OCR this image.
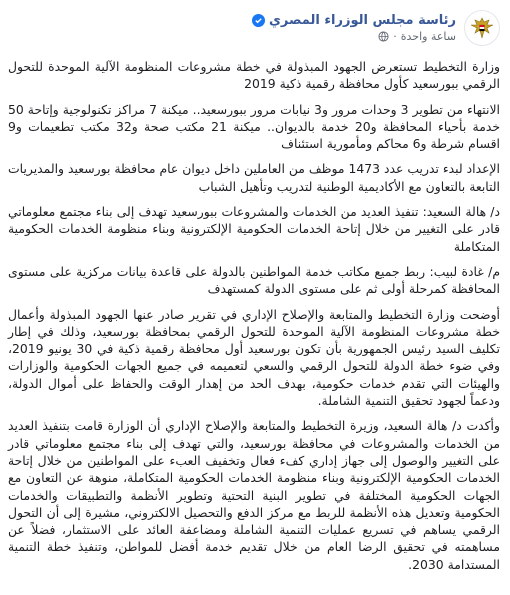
رئاسة مجلس الوزراء المصري
ساعة واحدة
·

وزارة التخطيط تستعرض الجهود المبذولة في خطة مشروعات المنظومة الآلية الموحدة للتحول الرقمي ببورسعيد كأول محافظة رقمية ذكية 2019

الانتهاء من تطوير 3 وحدات مرور و3 نيابات مرور ببورسعيد.. ميكنة 7 مراكز تكنولوجية وإتاحة 50 خدمة بأحياء المحافظة و20 خدمة بالديوان.. ميكنة 21 مكتب صحة و32 مكتب تطعيمات و9 اقسام شرطة و6 محاكم ومأمورية استئناف

الإعداد لبدء تدريب عدد 1473 موظف من العاملين داخل ديوان عام محافظة بورسعيد والمديريات التابعة بالتعاون مع الأكاديمية الوطنية لتدريب وتأهيل الشباب

د/ هالة السعيد: تنفيذ العديد من الخدمات والمشروعات ببورسعيد تهدف إلى بناء مجتمع معلوماتي قادر على التغيير من خلال إتاحة الخدمات الحكومية الإلكترونية وبناء منظومة الخدمات الحكومية المتكاملة

م/ غادة لبيب: ربط جميع مكاتب خدمة المواطنين بالدولة على قاعدة بيانات مركزية على مستوى المحافظة كمرحلة أولى ثم على مستوى الدولة كمستهدف

أوضحت وزارة التخطيط والمتابعة والإصلاح الإداري في تقرير صادر عنها الجهود المبذولة وأعمال خطة مشروعات المنظومة الآلية الموحدة للتحول الرقمي بمحافظة بورسعيد، وذلك في إطار تكليف السيد رئيس الجمهورية بأن تكون بورسعيد أول محافظة رقمية ذكية في 30 يونيو 2019، وفي ضوء خطة الدولة للتحول الرقمي والسعي لتعميمه في جميع الجهات الحكومية والوزارات والهيئات التي تقدم خدمات حكومية، بهدف الحد من إهدار الوقت والحفاظ على أموال الدولة، ودعماً لجهود تحقيق التنمية الشاملة.

وأكدت د/ هالة السعيد، وزيرة التخطيط والمتابعة والإصلاح الإداري أن الوزارة قامت بتنفيذ العديد من الخدمات والمشروعات في محافظة بورسعيد، والتي تهدف إلى بناء مجتمع معلوماتي قادر على التغيير والوصول إلى جهاز إداري كفء فعال وتخفيف العبء على المواطنين من خلال إتاحة الخدمات الحكومية الإلكترونية وبناء منظومة الخدمات الحكومية المتكاملة، منوهة عن التعاون مع الجهات الحكومية المختلفة في تطوير البنية التحتية وتطوير الأنظمة والتطبيقات والخدمات الحكومية وتعديل هذه الأنظمة للربط مع مركز الدفع والتحصيل الالكتروني، مشيرة إلى أن التحول الرقمي يساهم في تسريع عمليات التنمية الشاملة ومضاعفة العائد على الاستثمار، فضلاً عن مساهمته في تحقيق الرضا العام من خلال تقديم خدمة أفضل للمواطن، وتنفيذ خطة التنمية المستدامة 2030.
